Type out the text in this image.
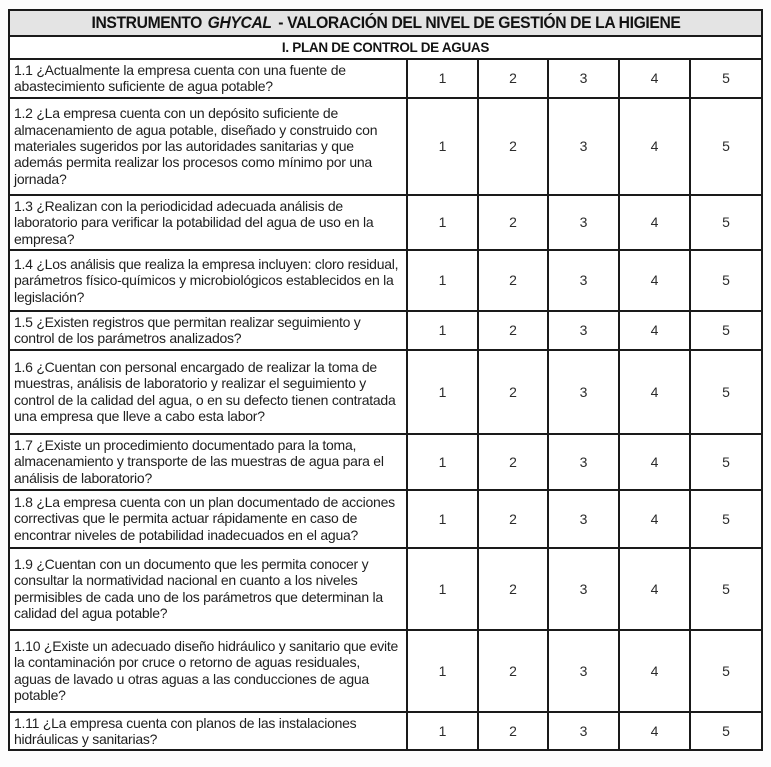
INSTRUMENTO GHYCAL - VALORACIÓN DEL NIVEL DE GESTIÓN DE LA HIGIENE					
I. PLAN DE CONTROL DE AGUAS					
1.1 ¿Actualmente la empresa cuenta con una fuente de abastecimiento suficiente de agua potable?	1	2	3	4	5
1.2 ¿La empresa cuenta con un depósito suficiente de almacenamiento de agua potable, diseñado y construido con materiales sugeridos por las autoridades sanitarias y que además permita realizar los procesos como mínimo por una jornada?	1	2	3	4	5
1.3 ¿Realizan con la periodicidad adecuada análisis de laboratorio para verificar la potabilidad del agua de uso en la empresa?	1	2	3	4	5
1.4 ¿Los análisis que realiza la empresa incluyen: cloro residual, parámetros físico-químicos y microbiológicos establecidos en la legislación?	1	2	3	4	5
1.5 ¿Existen registros que permitan realizar seguimiento y control de los parámetros analizados?	1	2	3	4	5
1.6 ¿Cuentan con personal encargado de realizar la toma de muestras, análisis de laboratorio y realizar el seguimiento y control de la calidad del agua, o en su defecto tienen contratada una empresa que lleve a cabo esta labor?	1	2	3	4	5
1.7 ¿Existe un procedimiento documentado para la toma, almacenamiento y transporte de las muestras de agua para el análisis de laboratorio?	1	2	3	4	5
1.8 ¿La empresa cuenta con un plan documentado de acciones correctivas que le permita actuar rápidamente en caso de encontrar niveles de potabilidad inadecuados en el agua?	1	2	3	4	5
1.9 ¿Cuentan con un documento que les permita conocer y consultar la normatividad nacional en cuanto a los niveles permisibles de cada uno de los parámetros que determinan la calidad del agua potable?	1	2	3	4	5
1.10 ¿Existe un adecuado diseño hidráulico y sanitario que evite la contaminación por cruce o retorno de aguas residuales, aguas de lavado u otras aguas a las conducciones de agua potable?	1	2	3	4	5
1.11 ¿La empresa cuenta con planos de las instalaciones hidráulicas y sanitarias?	1	2	3	4	5
